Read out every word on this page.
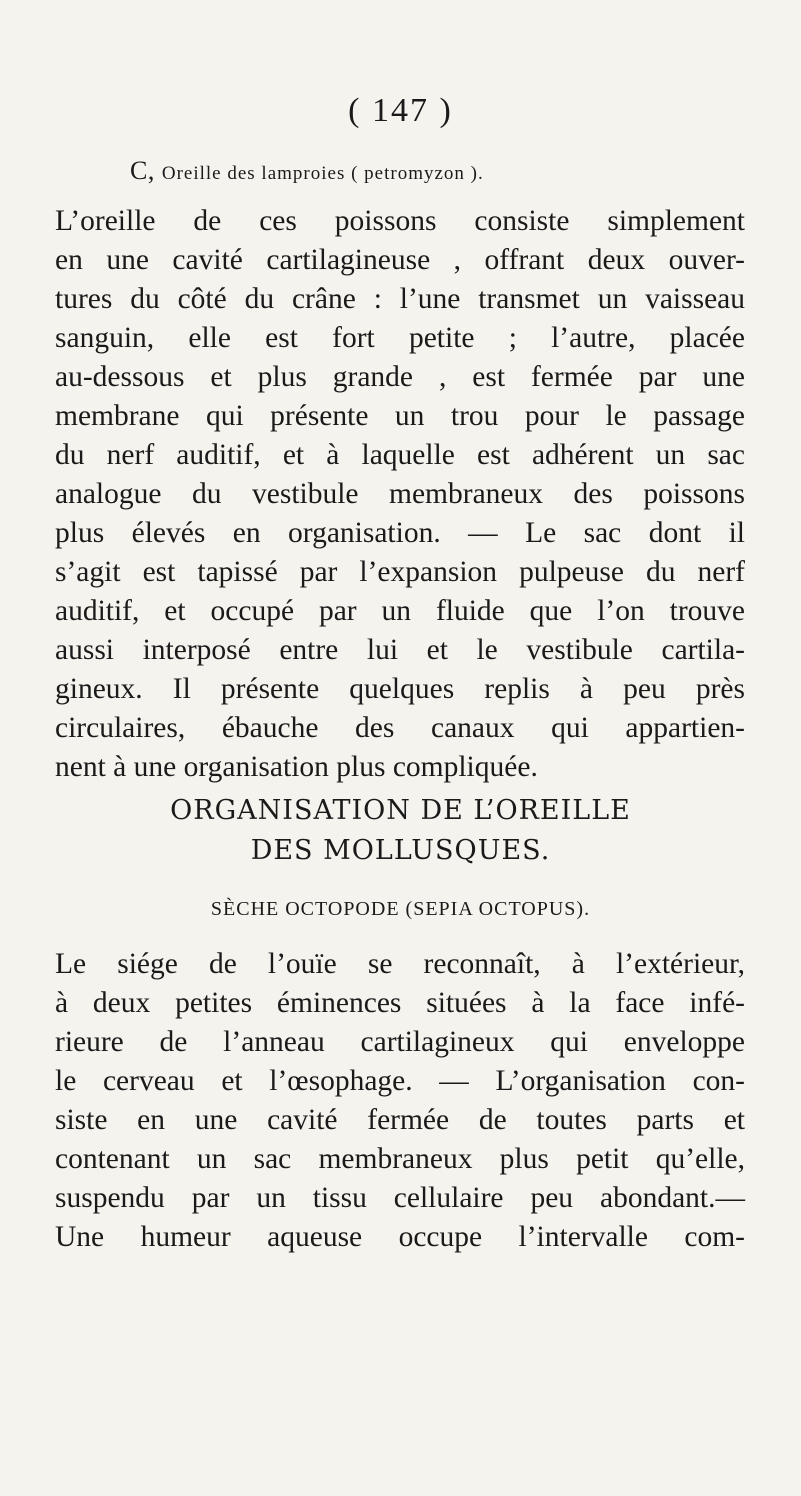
( 147 )
C, Oreille des lamproies ( petromyzon ).
L’oreille de ces poissons consiste simplement
en une cavité cartilagineuse , offrant deux ouver-
tures du côté du crâne : l’une transmet un vaisseau
sanguin, elle est fort petite ; l’autre, placée
au-dessous et plus grande , est fermée par une
membrane qui présente un trou pour le passage
du nerf auditif, et à laquelle est adhérent un sac
analogue du vestibule membraneux des poissons
plus élevés en organisation. — Le sac dont il
s’agit est tapissé par l’expansion pulpeuse du nerf
auditif, et occupé par un fluide que l’on trouve
aussi interposé entre lui et le vestibule cartila-
gineux. Il présente quelques replis à peu près
circulaires, ébauche des canaux qui appartien-
nent à une organisation plus compliquée.
ORGANISATION DE L’OREILLE
DES MOLLUSQUES.
SÈCHE OCTOPODE (SEPIA OCTOPUS).
Le siége de l’ouïe se reconnaît, à l’extérieur,
à deux petites éminences situées à la face infé-
rieure de l’anneau cartilagineux qui enveloppe
le cerveau et l’œsophage. — L’organisation con-
siste en une cavité fermée de toutes parts et
contenant un sac membraneux plus petit qu’elle,
suspendu par un tissu cellulaire peu abondant.—
Une humeur aqueuse occupe l’intervalle com-
